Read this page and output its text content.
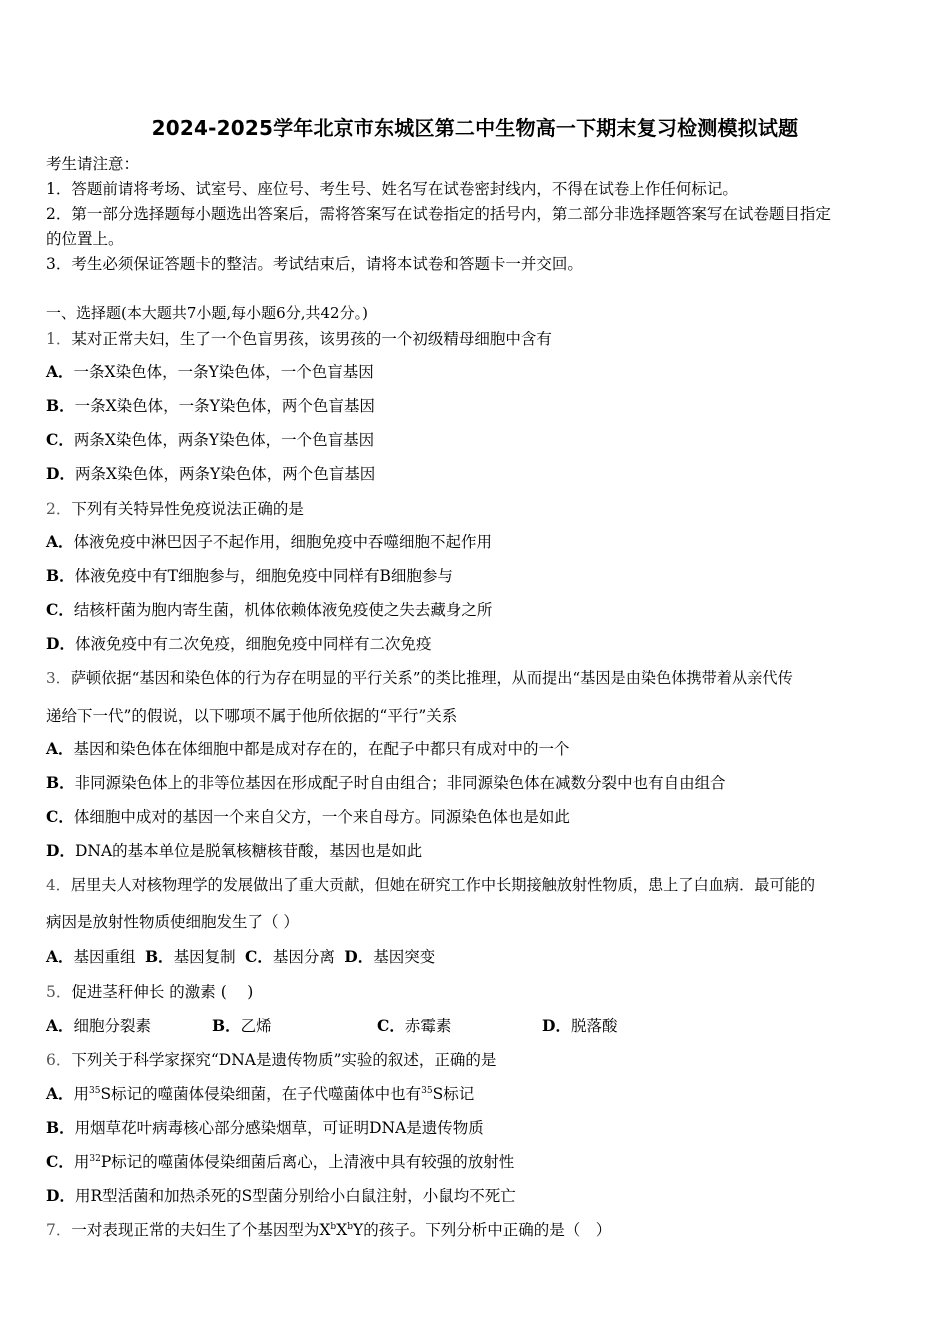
2024-2025学年北京市东城区第二中生物高一下期末复习检测模拟试题
考生请注意：
1．答题前请将考场、试室号、座位号、考生号、姓名写在试卷密封线内，不得在试卷上作任何标记。
2．第一部分选择题每小题选出答案后，需将答案写在试卷指定的括号内，第二部分非选择题答案写在试卷题目指定
的位置上。
3．考生必须保证答题卡的整洁。考试结束后，请将本试卷和答题卡一并交回。
一、选择题(本大题共7小题,每小题6分,共42分。)
1．某对正常夫妇，生了一个色盲男孩，该男孩的一个初级精母细胞中含有
A．一条X染色体，一条Y染色体，一个色盲基因
B．一条X染色体，一条Y染色体，两个色盲基因
C．两条X染色体，两条Y染色体，一个色盲基因
D．两条X染色体，两条Y染色体，两个色盲基因
2．下列有关特异性免疫说法正确的是
A．体液免疫中淋巴因子不起作用，细胞免疫中吞噬细胞不起作用
B．体液免疫中有T细胞参与，细胞免疫中同样有B细胞参与
C．结核杆菌为胞内寄生菌，机体依赖体液免疫使之失去藏身之所
D．体液免疫中有二次免疫，细胞免疫中同样有二次免疫
3．萨顿依据“基因和染色体的行为存在明显的平行关系”的类比推理，从而提出“基因是由染色体携带着从亲代传
递给下一代”的假说，以下哪项不属于他所依据的“平行”关系
A．基因和染色体在体细胞中都是成对存在的，在配子中都只有成对中的一个
B．非同源染色体上的非等位基因在形成配子时自由组合；非同源染色体在减数分裂中也有自由组合
C．体细胞中成对的基因一个来自父方，一个来自母方。同源染色体也是如此
D．DNA的基本单位是脱氧核糖核苷酸，基因也是如此
4．居里夫人对核物理学的发展做出了重大贡献，但她在研究工作中长期接触放射性物质，患上了白血病．最可能的
病因是放射性物质使细胞发生了（ ）
A．基因重组 B．基因复制 C．基因分离 D．基因突变
5．促进茎秆伸长 的激素 (　 )
A．细胞分裂素	B．乙烯	C．赤霉素	D．脱落酸
6．下列关于科学家探究“DNA是遗传物质”实验的叙述，正确的是
A．用$^{35}$S标记的噬菌体侵染细菌，在子代噬菌体中也有$^{35}$S标记
B．用烟草花叶病毒核心部分感染烟草，可证明DNA是遗传物质
C．用$^{32}$P标记的噬菌体侵染细菌后离心，上清液中具有较强的放射性
D．用R型活菌和加热杀死的S型菌分别给小白鼠注射，小鼠均不死亡
7．一对表现正常的夫妇生了个基因型为$X^bX^bY$的孩子。下列分析中正确的是（　）
